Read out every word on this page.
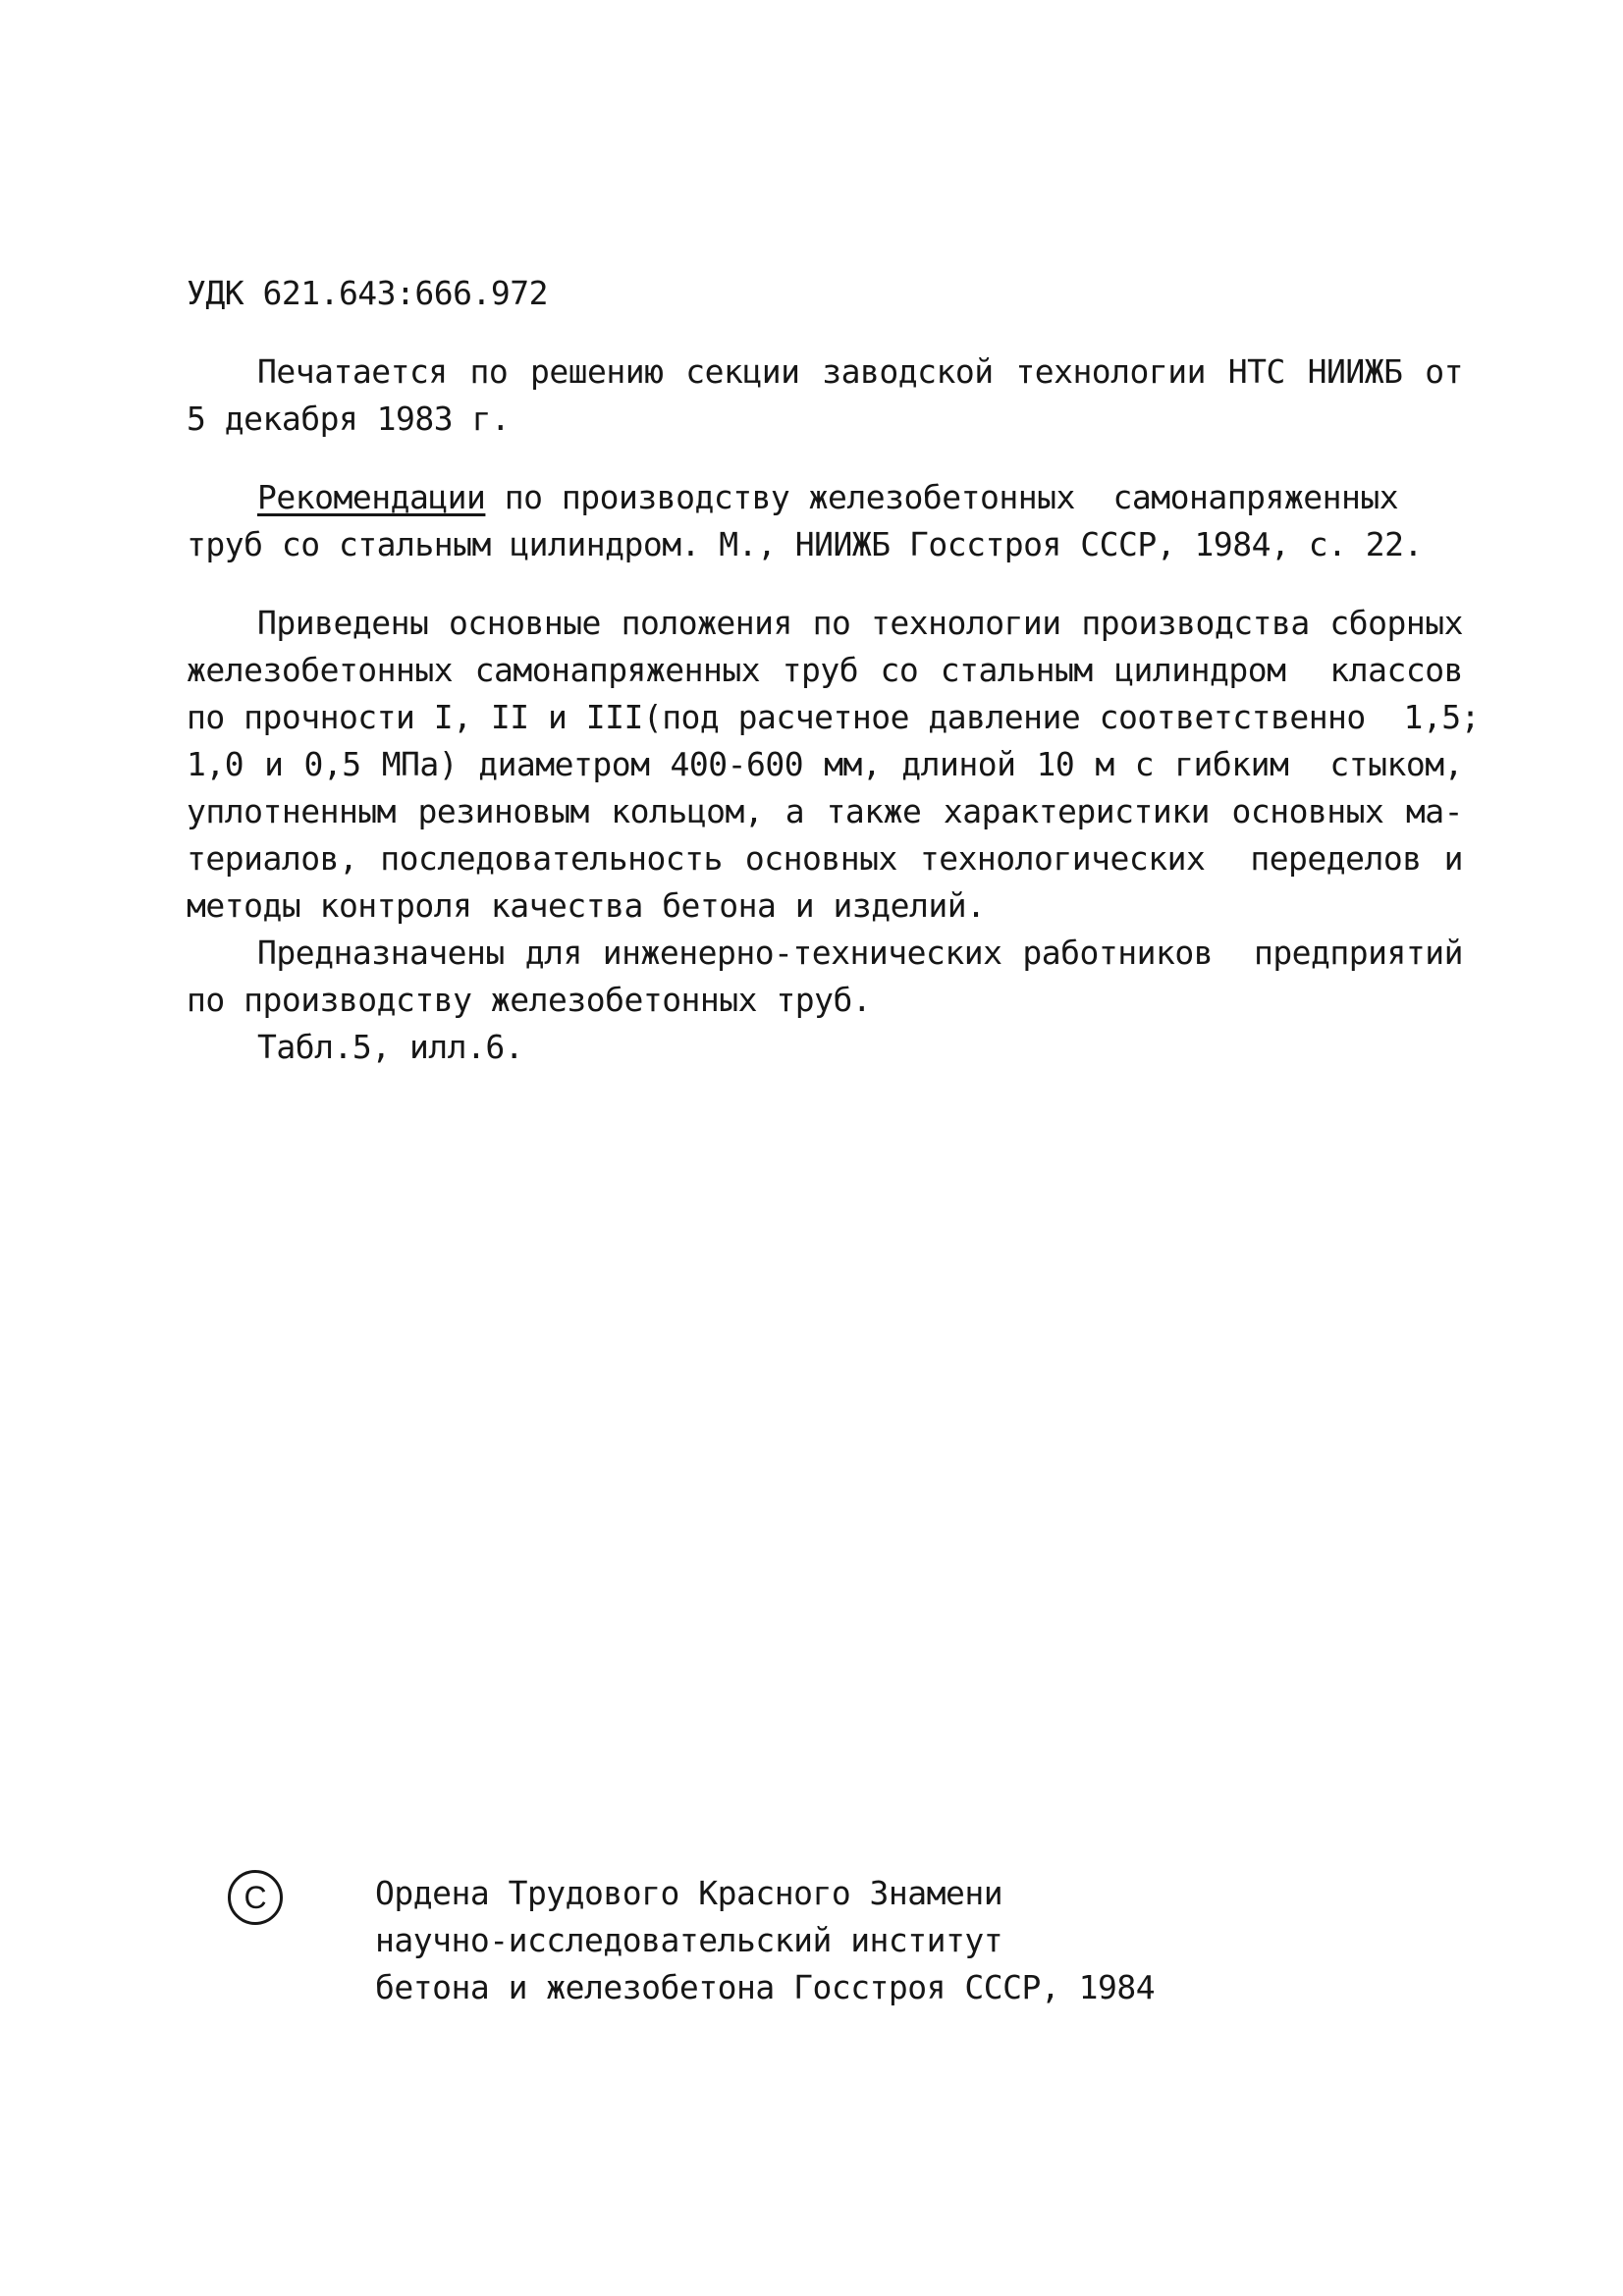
УДК 621.643:666.972
Печатается по решению секции заводской технологии НТС НИИЖБ от
5 декабря 1983 г.
Рекомендации по производству железобетонных  самонапряженных
труб со стальным цилиндром. М., НИИЖБ Госстроя СССР, 1984, с. 22.
Приведены основные положения по технологии производства сборных
железобетонных самонапряженных труб со стальным цилиндром  классов
по прочности I, II и III(под расчетное давление соответственно  1,5;
1,0 и 0,5 МПа) диаметром 400-600 мм, длиной 10 м с гибким  стыком,
уплотненным резиновым кольцом, а также характеристики основных ма-
териалов, последовательность основных технологических  переделов и
методы контроля качества бетона и изделий.
Предназначены для инженерно-технических работников  предприятий
по производству железобетонных труб.
Табл.5, илл.6.
C	Ордена Трудового Красного Знамени
научно-исследовательский институт
бетона и железобетона Госстроя СССР, 1984
